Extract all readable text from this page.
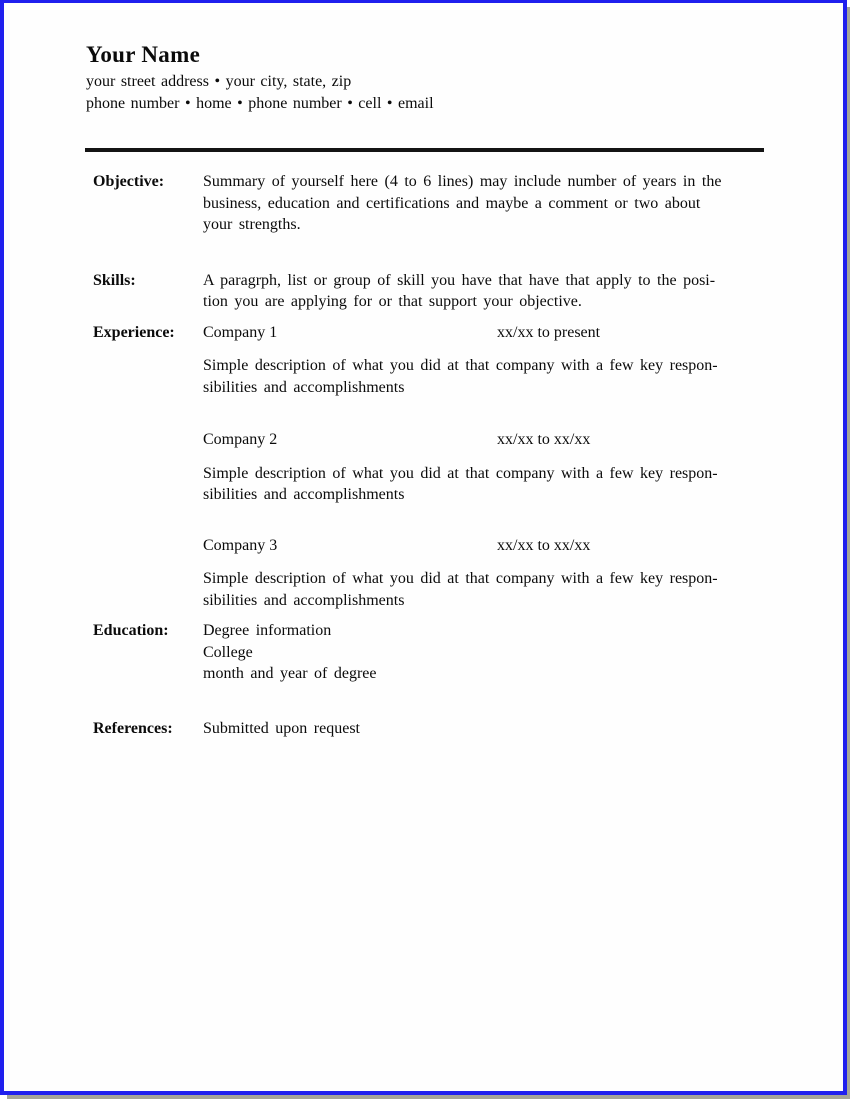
Your Name
your street address • your city, state, zip
phone number • home • phone number • cell • email
Objective:	Summary of yourself here (4 to 6 lines) may include number of years in the
business, education and certifications and maybe a comment or two about
your strengths.
Skills:	A paragrph, list or group of skill you have that have that apply to the posi-
tion you are applying for or that support your objective.
Experience:	Company 1	xx/xx to present
Simple description of what you did at that company with a few key respon-
sibilities and accomplishments
Company 2	xx/xx to xx/xx
Simple description of what you did at that company with a few key respon-
sibilities and accomplishments
Company 3	xx/xx to xx/xx
Simple description of what you did at that company with a few key respon-
sibilities and accomplishments
Education:	Degree information
College
month and year of degree
References:	Submitted upon request
